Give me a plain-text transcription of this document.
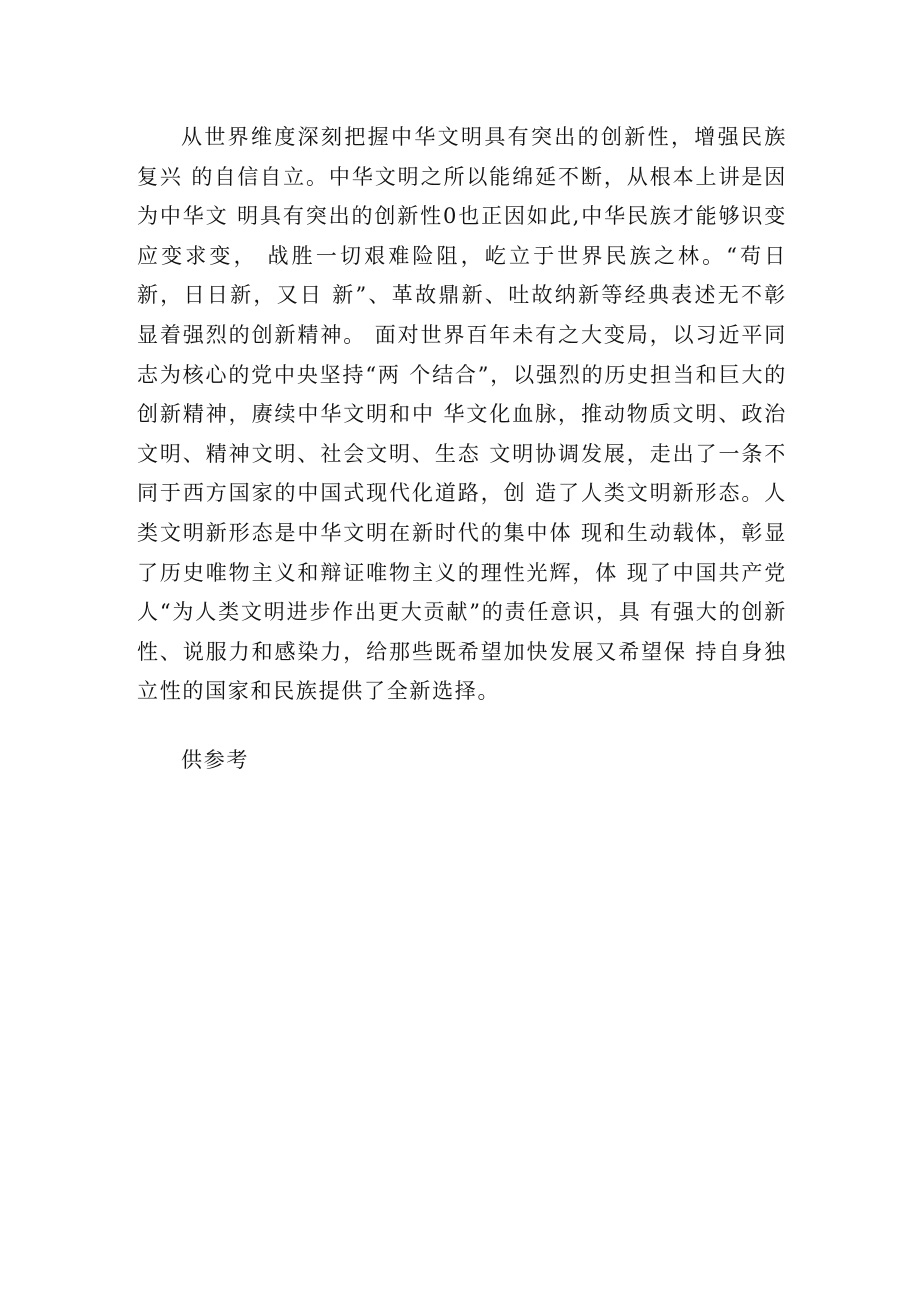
从世界维度深刻把握中华文明具有突出的创新性，增强民族复兴 的自信自立。中华文明之所以能绵延不断，从根本上讲是因为中华文 明具有突出的创新性0也正因如此,中华民族才能够识变应变求变， 战胜一切艰难险阻，屹立于世界民族之林。“苟日新，日日新，又日 新”、革故鼎新、吐故纳新等经典表述无不彰显着强烈的创新精神。 面对世界百年未有之大变局，以习近平同志为核心的党中央坚持“两 个结合”，以强烈的历史担当和巨大的创新精神，赓续中华文明和中 华文化血脉，推动物质文明、政治文明、精神文明、社会文明、生态 文明协调发展，走出了一条不同于西方国家的中国式现代化道路，创 造了人类文明新形态。人类文明新形态是中华文明在新时代的集中体 现和生动载体，彰显了历史唯物主义和辩证唯物主义的理性光辉，体 现了中国共产党人“为人类文明进步作出更大贡献”的责任意识，具 有强大的创新性、说服力和感染力，给那些既希望加快发展又希望保 持自身独立性的国家和民族提供了全新选择。

供参考
